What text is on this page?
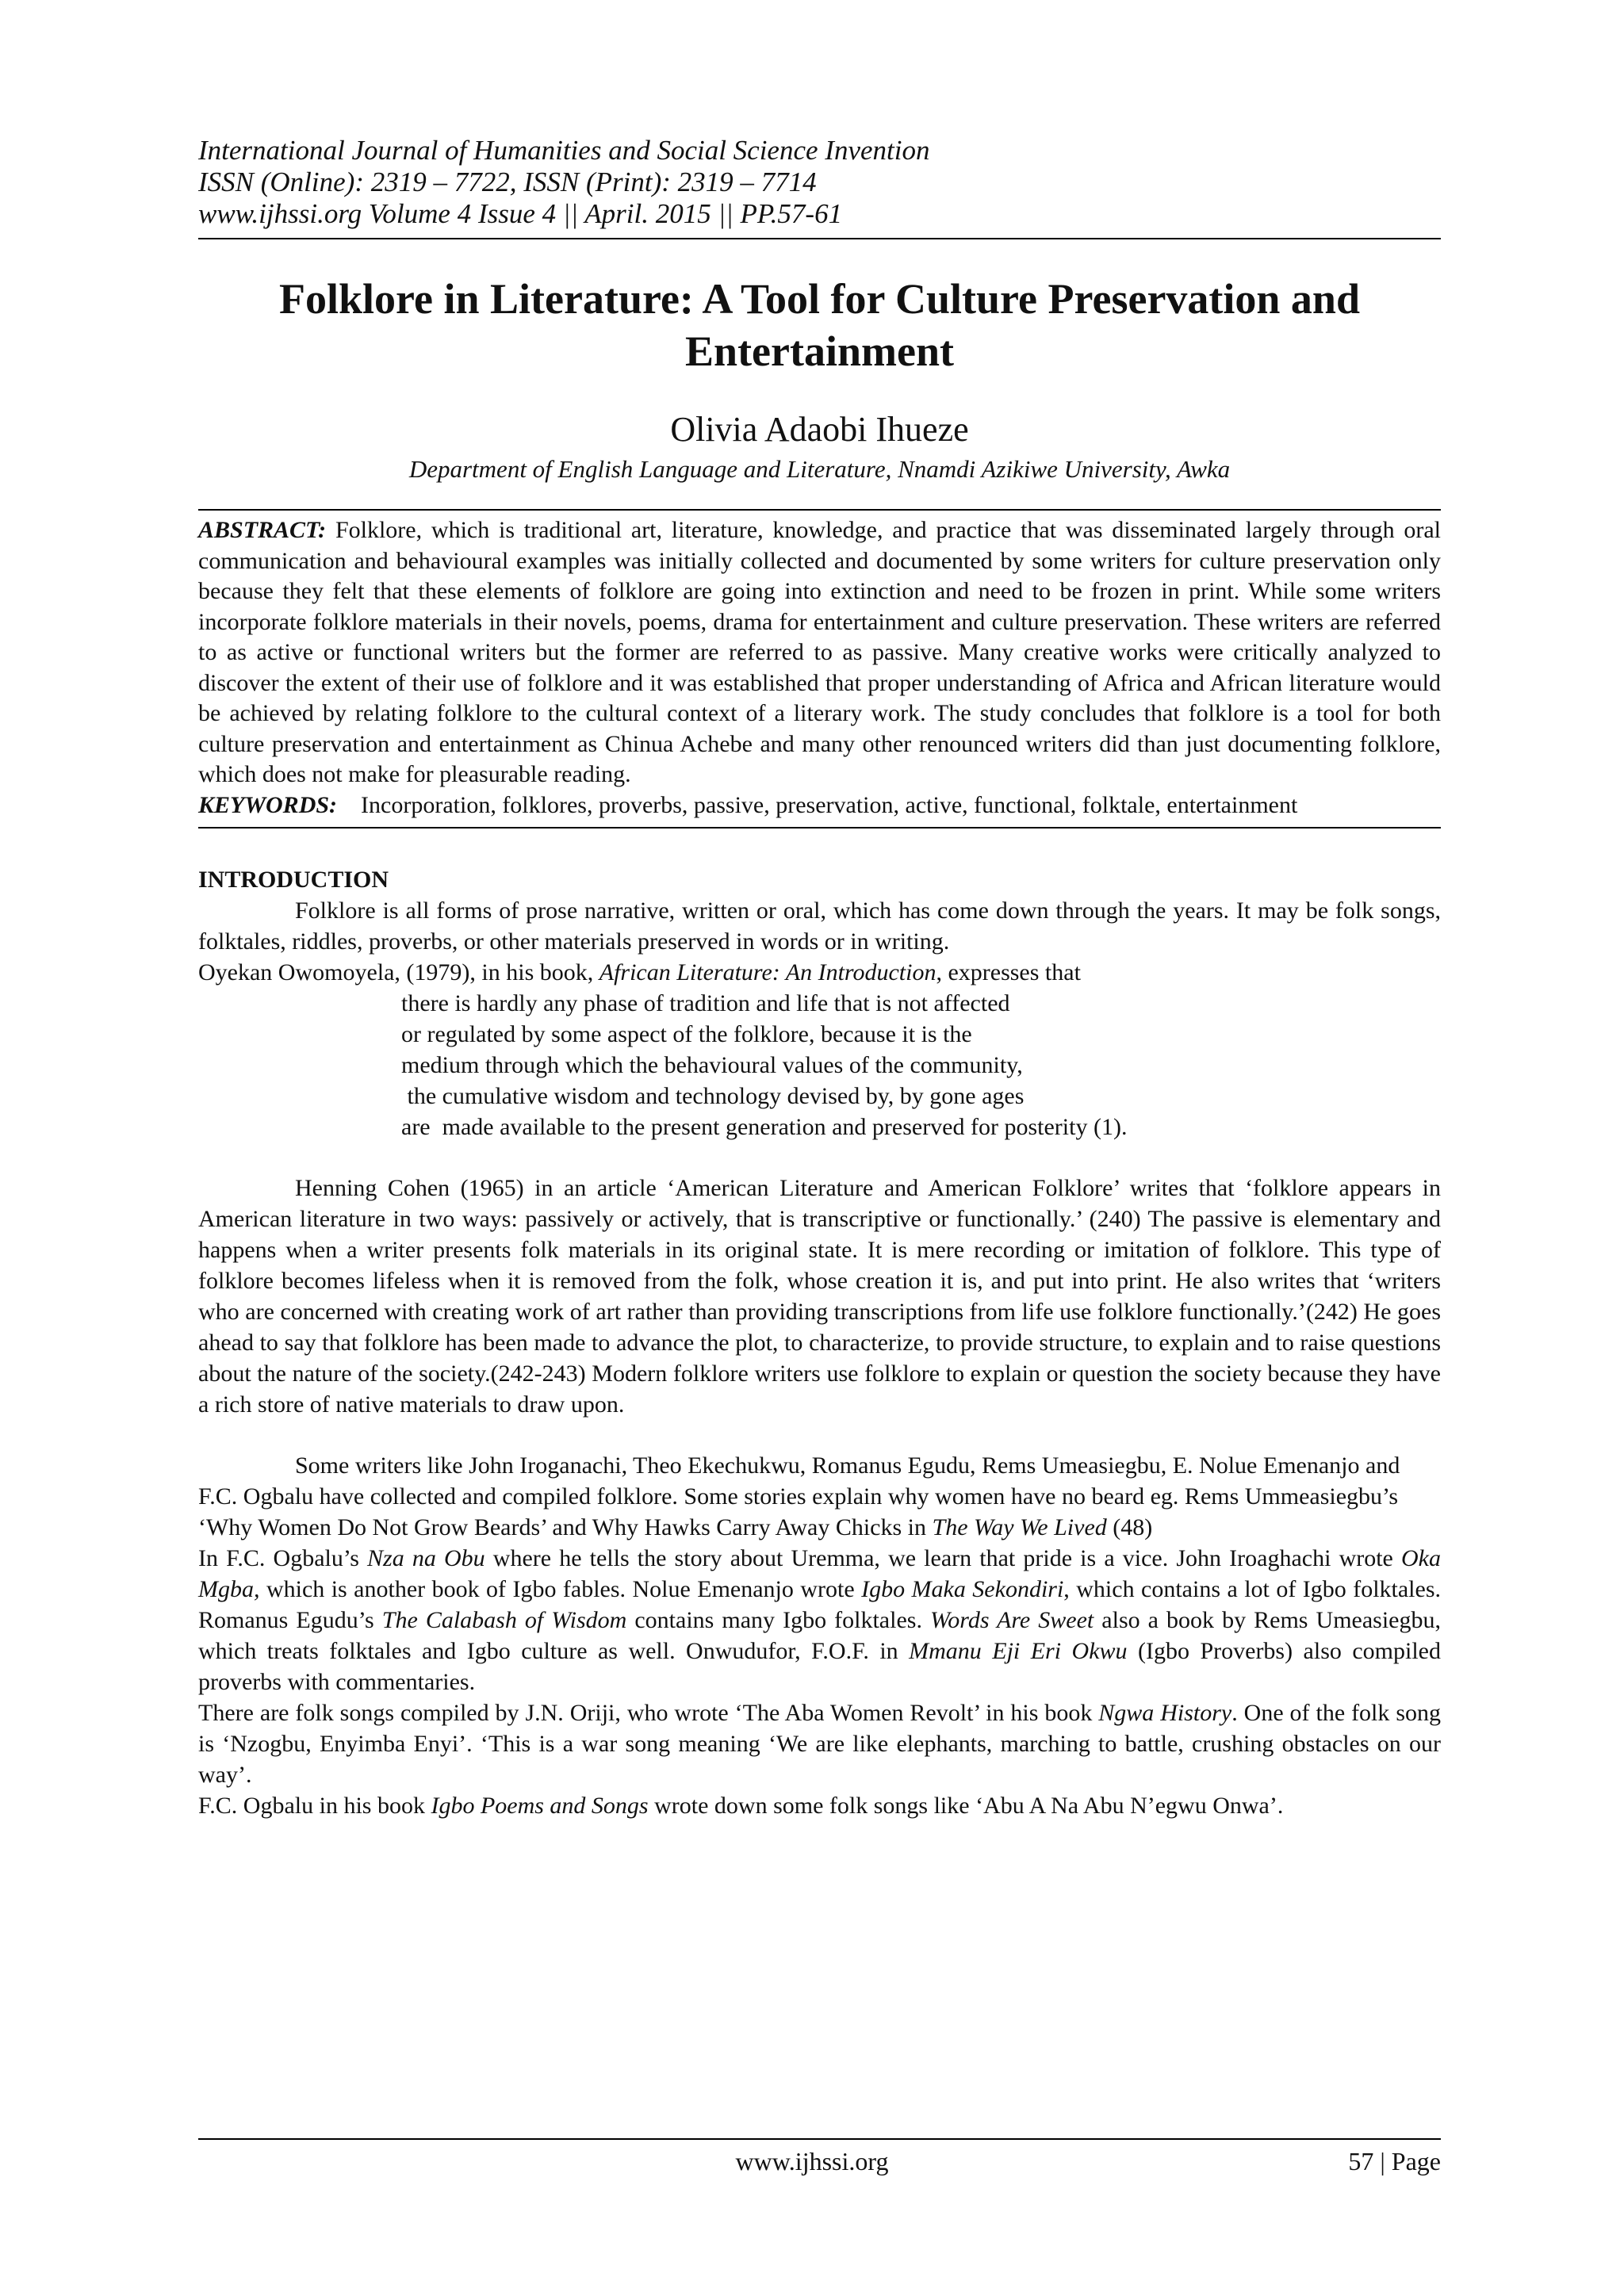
International Journal of Humanities and Social Science Invention
ISSN (Online): 2319 – 7722, ISSN (Print): 2319 – 7714
www.ijhssi.org Volume 4 Issue 4 || April. 2015 || PP.57-61
Folklore in Literature: A Tool for Culture Preservation and Entertainment
Olivia Adaobi Ihueze
Department of English Language and Literature, Nnamdi Azikiwe University, Awka

ABSTRACT: Folklore, which is traditional art, literature, knowledge, and practice that was disseminated largely through oral communication and behavioural examples was initially collected and documented by some writers for culture preservation only because they felt that these elements of folklore are going into extinction and need to be frozen in print. While some writers incorporate folklore materials in their novels, poems, drama for entertainment and culture preservation. These writers are referred to as active or functional writers but the former are referred to as passive. Many creative works were critically analyzed to discover the extent of their use of folklore and it was established that proper understanding of Africa and African literature would be achieved by relating folklore to the cultural context of a literary work. The study concludes that folklore is a tool for both culture preservation and entertainment as Chinua Achebe and many other renounced writers did than just documenting folklore, which does not make for pleasurable reading.

KEYWORDS: Incorporation, folklores, proverbs, passive, preservation, active, functional, folktale, entertainment

INTRODUCTION

Folklore is all forms of prose narrative, written or oral, which has come down through the years. It may be folk songs, folktales, riddles, proverbs, or other materials preserved in words or in writing.

Oyekan Owomoyela, (1979), in his book, African Literature: An Introduction, expresses that

there is hardly any phase of tradition and life that is not affected
or regulated by some aspect of the folklore, because it is the
medium through which the behavioural values of the community,
the cumulative wisdom and technology devised by, by gone ages
are  made available to the present generation and preserved for posterity (1).

Henning Cohen (1965) in an article ‘American Literature and American Folklore’ writes that ‘folklore appears in American literature in two ways: passively or actively, that is transcriptive or functionally.’ (240) The passive is elementary and happens when a writer presents folk materials in its original state. It is mere recording or imitation of folklore. This type of folklore becomes lifeless when it is removed from the folk, whose creation it is, and put into print. He also writes that ‘writers who are concerned with creating work of art rather than providing transcriptions from life use folklore functionally.’(242) He goes ahead to say that folklore has been made to advance the plot, to characterize, to provide structure, to explain and to raise questions about the nature of the society.(242-243) Modern folklore writers use folklore to explain or question the society because they have a rich store of native materials to draw upon.

Some writers like John Iroganachi, Theo Ekechukwu, Romanus Egudu, Rems Umeasiegbu, E. Nolue Emenanjo and F.C. Ogbalu have collected and compiled folklore. Some stories explain why women have no beard eg. Rems Ummeasiegbu’s ‘Why Women Do Not Grow Beards’ and Why Hawks Carry Away Chicks in The Way We Lived (48)

In F.C. Ogbalu’s Nza na Obu where he tells the story about Uremma, we learn that pride is a vice. John Iroaghachi wrote Oka Mgba, which is another book of Igbo fables. Nolue Emenanjo wrote Igbo Maka Sekondiri, which contains a lot of Igbo folktales. Romanus Egudu’s The Calabash of Wisdom contains many Igbo folktales. Words Are Sweet also a book by Rems Umeasiegbu, which treats folktales and Igbo culture as well. Onwudufor, F.O.F. in Mmanu Eji Eri Okwu (Igbo Proverbs) also compiled proverbs with commentaries.

There are folk songs compiled by J.N. Oriji, who wrote ‘The Aba Women Revolt’ in his book Ngwa History. One of the folk song is ‘Nzogbu, Enyimba Enyi’. ‘This is a war song meaning ‘We are like elephants, marching to battle, crushing obstacles on our way’.

F.C. Ogbalu in his book Igbo Poems and Songs wrote down some folk songs like ‘Abu A Na Abu N’egwu Onwa’.

www.ijhssi.org	57 | Page
